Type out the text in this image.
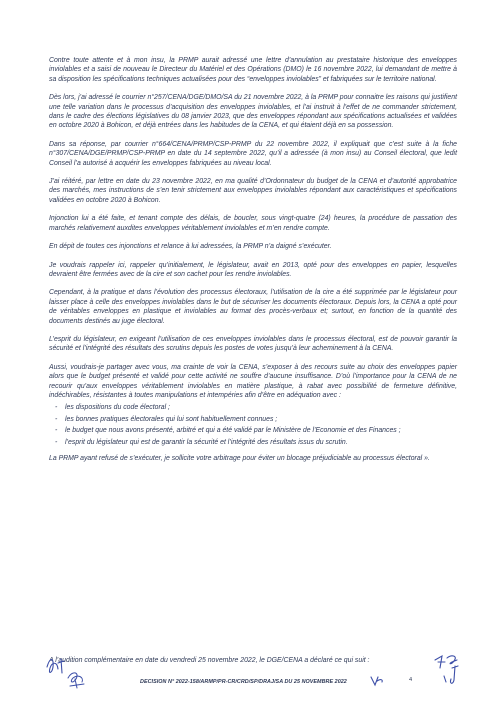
Contre toute attente et à mon insu, la PRMP aurait adressé une lettre d’annulation au prestataire historique des enveloppes inviolables et a saisi de nouveau le Directeur du Matériel et des Opérations (DMO) le 16 novembre 2022, lui demandant de mettre à sa disposition les spécifications techniques actualisées pour des “enveloppes inviolables” et fabriquées sur le territoire national.

Dès lors, j’ai adressé le courrier n°257/CENA/DGE/DMO/SA du 21 novembre 2022, à la PRMP pour connaitre les raisons qui justifient une telle variation dans le processus d’acquisition des enveloppes inviolables, et l’ai instruit à l’effet de ne commander strictement, dans le cadre des élections législatives du 08 janvier 2023, que des enveloppes répondant aux spécifications actualisées et validées en octobre 2020 à Bohicon, et déjà entrées dans les habitudes de la CENA, et qui étaient déjà en sa possession.

Dans sa réponse, par courrier n°664/CENA/PRMP/CSP-PRMP du 22 novembre 2022, il expliquait que c’est suite à la fiche n°307/CENA/DGE/PRMP/CSP-PRMP en date du 14 septembre 2022, qu’il a adressée (à mon insu) au Conseil électoral, que ledit Conseil l’a autorisé à acquérir les enveloppes fabriquées au niveau local.

J’ai réitéré, par lettre en date du 23 novembre 2022, en ma qualité d’Ordonnateur du budget de la CENA et d’autorité approbatrice des marchés, mes instructions de s’en tenir strictement aux enveloppes inviolables répondant aux caractéristiques et spécifications validées en octobre 2020 à Bohicon.

Injonction lui a été faite, et tenant compte des délais, de boucler, sous vingt-quatre (24) heures, la procédure de passation des marchés relativement auxdites enveloppes véritablement inviolables et m’en rendre compte.

En dépit de toutes ces injonctions et relance à lui adressées, la PRMP n’a daigné s’exécuter.

Je voudrais rappeler ici, rappeler qu’initialement, le législateur, avait en 2013, opté pour des enveloppes en papier, lesquelles devraient être fermées avec de la cire et son cachet pour les rendre inviolables.

Cependant, à la pratique et dans l’évolution des processus électoraux, l’utilisation de la cire a été supprimée par le législateur pour laisser place à celle des enveloppes inviolables dans le but de sécuriser les documents électoraux. Depuis lors, la CENA a opté pour de véritables enveloppes en plastique et inviolables au format des procès-verbaux et; surtout, en fonction de la quantité des documents destinés au juge électoral.

L’esprit du législateur, en exigeant l’utilisation de ces enveloppes inviolables dans le processus électoral, est de pouvoir garantir la sécurité et l’intégrité des résultats des scrutins depuis les postes de votes jusqu’à leur acheminement à la CENA.

Aussi, voudrais-je partager avec vous, ma crainte de voir la CENA, s’exposer à des recours suite au choix des enveloppes papier alors que le budget présenté et validé pour cette activité ne souffre d’aucune insuffisance. D’où l’importance pour la CENA de ne recourir qu’aux enveloppes véritablement inviolables en matière plastique, à rabat avec possibilité de fermeture définitive, indéchirables, résistantes à toutes manipulations et intempéries afin d’être en adéquation avec :

- les dispositions du code électoral ;
- les bonnes pratiques électorales qui lui sont habituellement connues ;
- le budget que nous avons présenté, arbitré et qui a été validé par le Ministère de l’Economie et des Finances ;
- l’esprit du législateur qui est de garantir la sécurité et l’intégrité des résultats issus du scrutin.

La PRMP ayant refusé de s’exécuter, je sollicite votre arbitrage pour éviter un blocage préjudiciable au processus électoral ».

A l’audition complémentaire en date du vendredi 25 novembre 2022, le DGE/CENA a déclaré ce qui suit :
DECISION N° 2022-158/ARMP/PR-CR/CRD/SP/DRAJ/SA DU 25 NOVEMBRE 2022	4
